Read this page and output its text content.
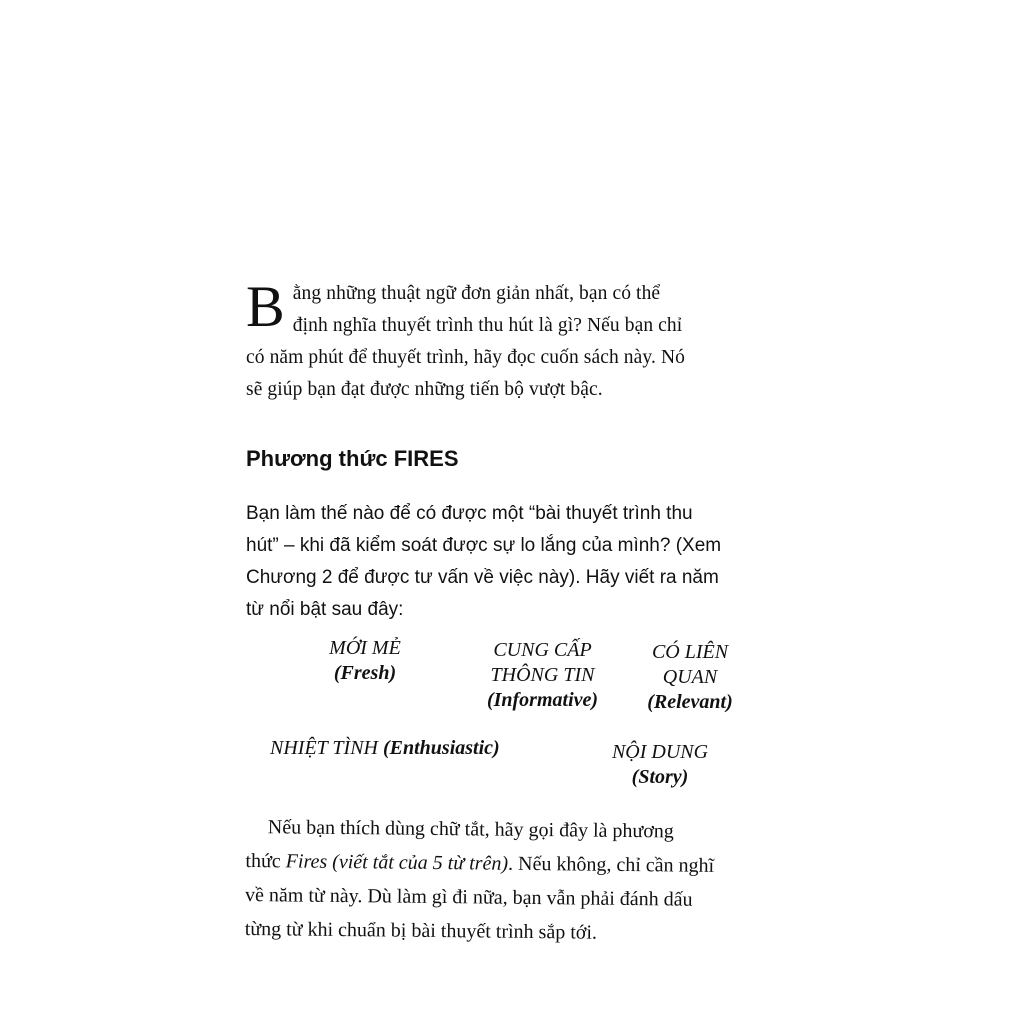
B ằng những thuật ngữ đơn giản nhất, bạn có thể
định nghĩa thuyết trình thu hút là gì? Nếu bạn chỉ
có năm phút để thuyết trình, hãy đọc cuốn sách này. Nó
sẽ giúp bạn đạt được những tiến bộ vượt bậc.
Phương thức FIRES
Bạn làm thế nào để có được một “bài thuyết trình thu
hút” – khi đã kiểm soát được sự lo lắng của mình? (Xem
Chương 2 để được tư vấn về việc này). Hãy viết ra năm
từ nổi bật sau đây:
MỚI MẺ
(Fresh)
CUNG CẤP
THÔNG TIN
(Informative)
CÓ LIÊN
QUAN
(Relevant)
NHIỆT TÌNH (Enthusiastic)	NỘI DUNG
(Story)
Nếu bạn thích dùng chữ tắt, hãy gọi đây là phương
thức Fires (viết tắt của 5 từ trên). Nếu không, chỉ cần nghĩ
về năm từ này. Dù làm gì đi nữa, bạn vẫn phải đánh dấu
từng từ khi chuẩn bị bài thuyết trình sắp tới.
